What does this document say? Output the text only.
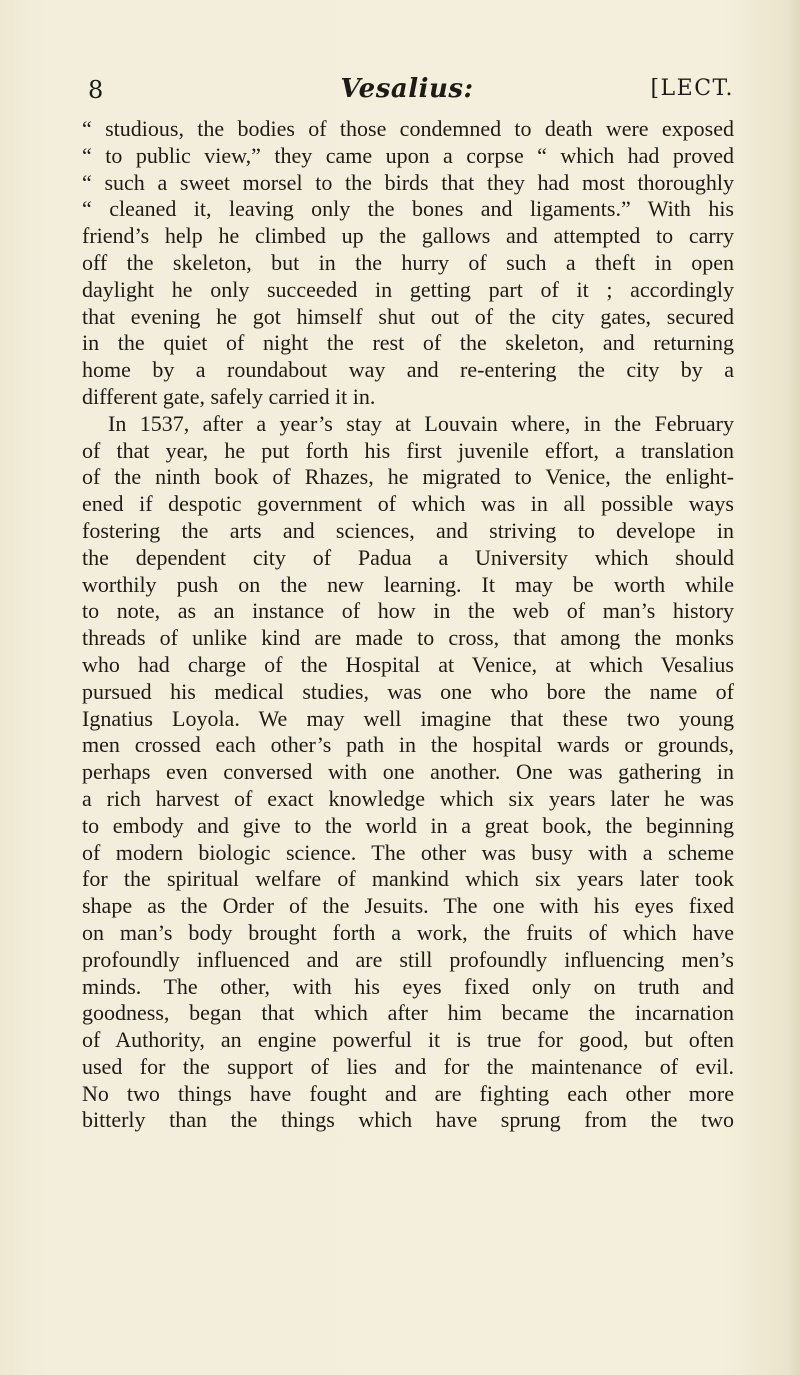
8	Vesalius:	[LECT.
“ studious, the bodies of those condemned to death were exposed
“ to public view,” they came upon a corpse “ which had proved
“ such a sweet morsel to the birds that they had most thoroughly
“ cleaned it, leaving only the bones and ligaments.” With his
friend’s help he climbed up the gallows and attempted to carry
off the skeleton, but in the hurry of such a theft in open
daylight he only succeeded in getting part of it ; accordingly
that evening he got himself shut out of the city gates, secured
in the quiet of night the rest of the skeleton, and returning
home by a roundabout way and re-entering the city by a
different gate, safely carried it in.
In 1537, after a year’s stay at Louvain where, in the February
of that year, he put forth his first juvenile effort, a translation
of the ninth book of Rhazes, he migrated to Venice, the enlight-
ened if despotic government of which was in all possible ways
fostering the arts and sciences, and striving to develope in
the dependent city of Padua a University which should
worthily push on the new learning. It may be worth while
to note, as an instance of how in the web of man’s history
threads of unlike kind are made to cross, that among the monks
who had charge of the Hospital at Venice, at which Vesalius
pursued his medical studies, was one who bore the name of
Ignatius Loyola. We may well imagine that these two young
men crossed each other’s path in the hospital wards or grounds,
perhaps even conversed with one another. One was gathering in
a rich harvest of exact knowledge which six years later he was
to embody and give to the world in a great book, the beginning
of modern biologic science. The other was busy with a scheme
for the spiritual welfare of mankind which six years later took
shape as the Order of the Jesuits. The one with his eyes fixed
on man’s body brought forth a work, the fruits of which have
profoundly influenced and are still profoundly influencing men’s
minds. The other, with his eyes fixed only on truth and
goodness, began that which after him became the incarnation
of Authority, an engine powerful it is true for good, but often
used for the support of lies and for the maintenance of evil.
No two things have fought and are fighting each other more
bitterly than the things which have sprung from the two
